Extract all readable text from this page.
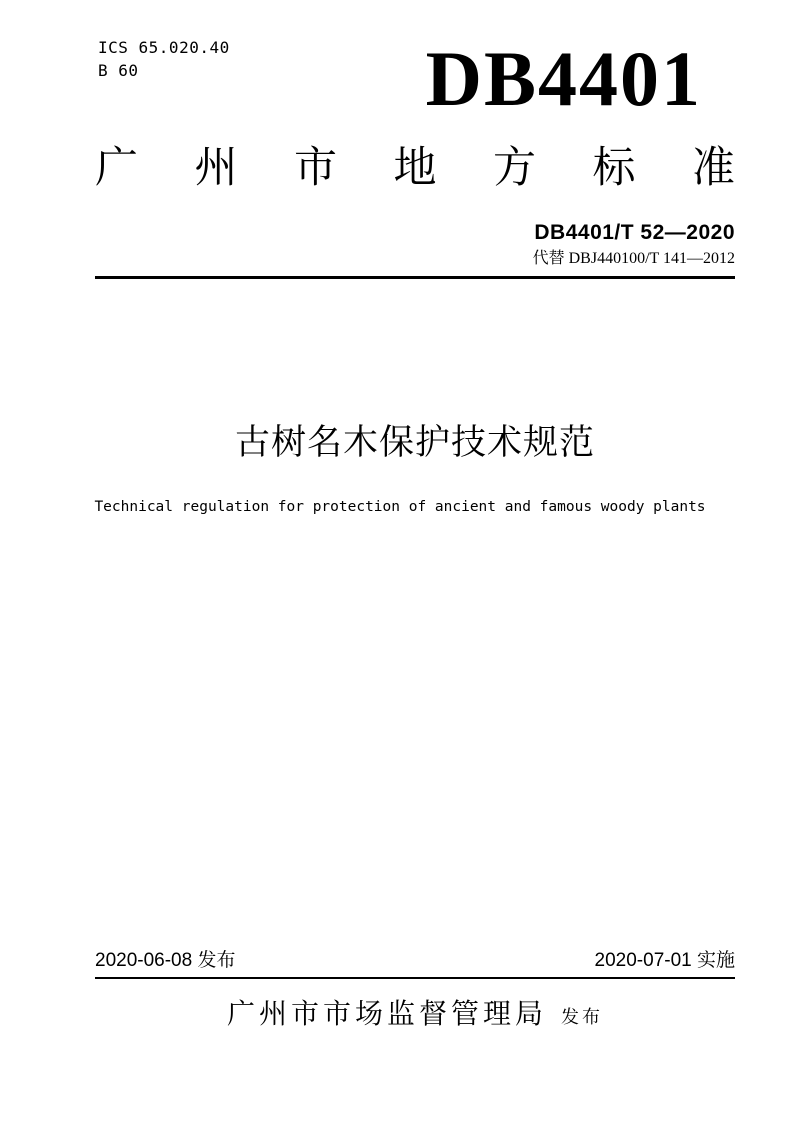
ICS 65.020.40
B 60	DB4401
广 州 市 地 方 标 准
DB4401/T 52—2020
代替 DBJ440100/T 141—2012
古树名木保护技术规范
Technical regulation for protection of ancient and famous woody plants
2020-06-08 发布	2020-07-01 实施
广州市市场监督管理局 发布
